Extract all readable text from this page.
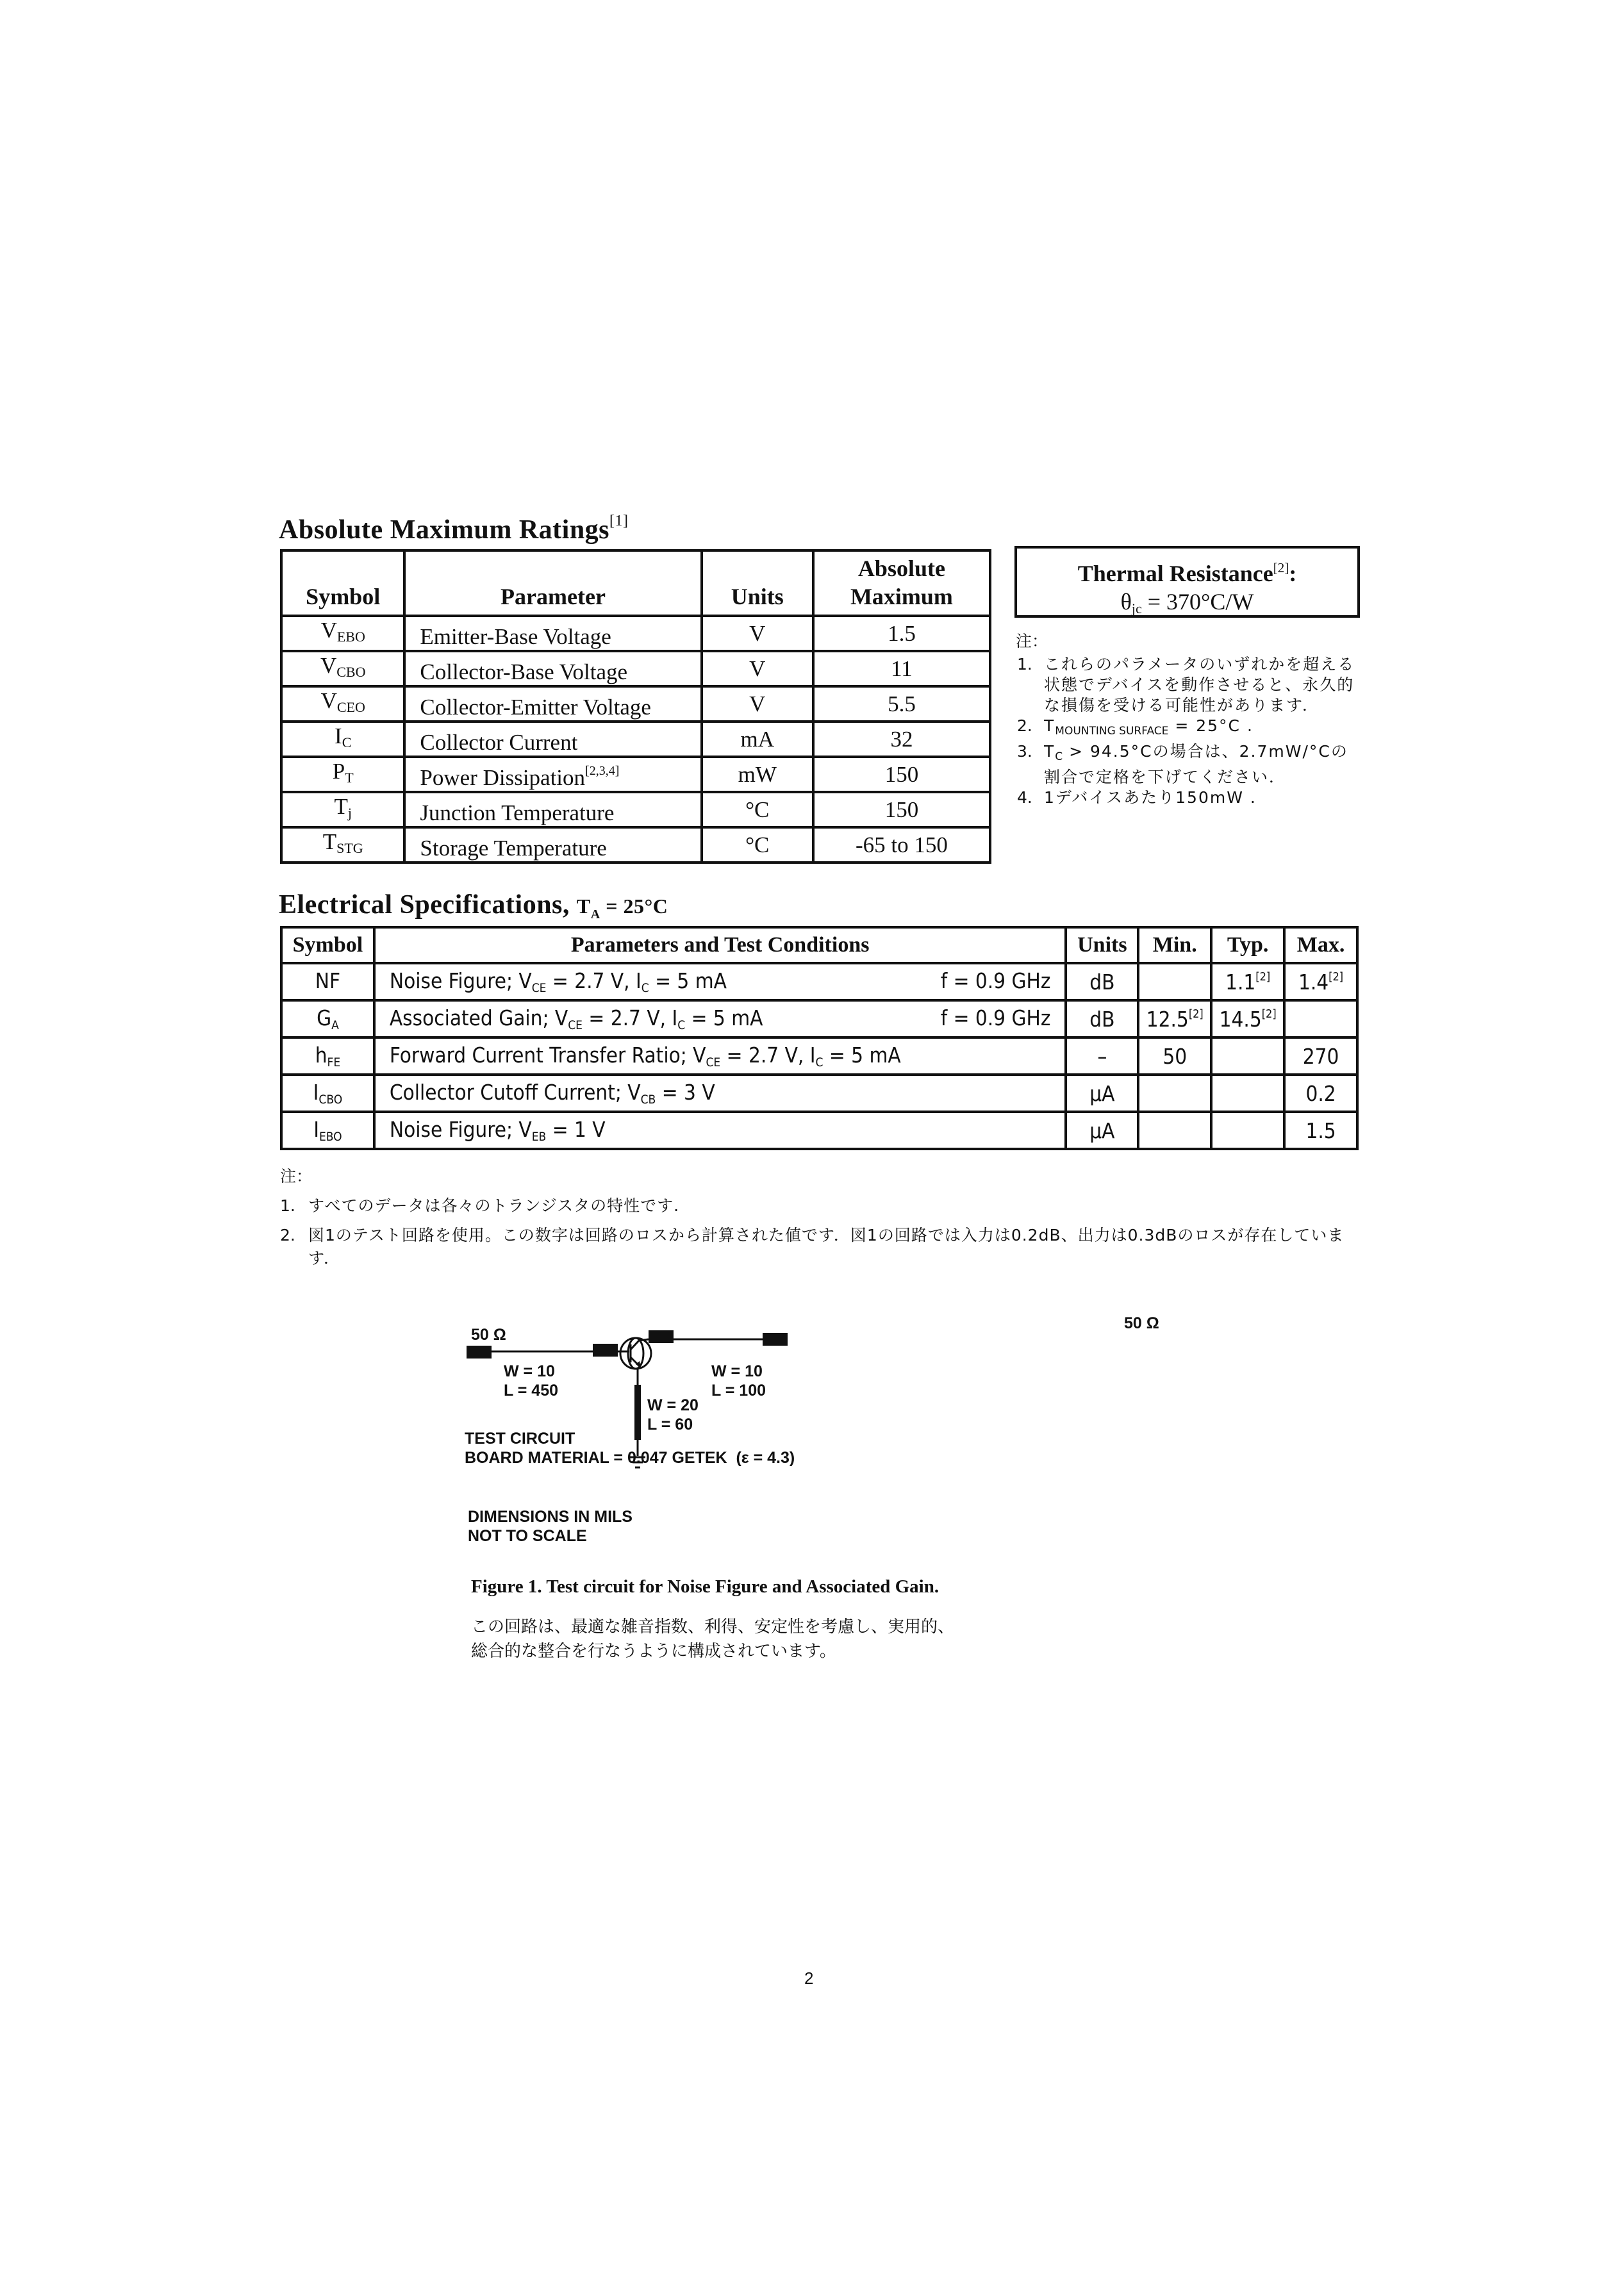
Absolute Maximum Ratings[1]
Symbol	Parameter	Units	Absolute
Maximum
$V_{EBO}$	Emitter-Base Voltage	V	1.5
$V_{CBO}$	Collector-Base Voltage	V	11
$V_{CEO}$	Collector-Emitter Voltage	V	5.5
$I_C$	Collector Current	mA	32
$P_T$	Power Dissipation[2,3,4]	mW	150
$T_j$	Junction Temperature	°C	150
$T_{STG}$	Storage Temperature	°C	-65 to 150
Thermal Resistance[2]:
$\theta_{jc} = 370^\circ C/W$
注：
1. これらのパラメータのいずれかを超える状態でデバイスを動作させると、永久的な損傷を受ける可能性があります．
2. $T_{MOUNTING SURFACE} = 25^\circ C$ .
3. $T_C > 94.5^\circ C$の場合は、2.7mW/°Cの割合で定格を下げてください．
4. 1デバイスあたり150mW .
Electrical Specifications, $T_A = 25^\circ C$
Symbol	Parameters and Test Conditions	Units	Min.	Typ.	Max.
NF	Noise Figure; $V_{CE} = 2.7$ V, $I_C = 5$ mA f = 0.9 GHz	dB		1.1[2]	1.4[2]
$G_A$	Associated Gain; $V_{CE} = 2.7$ V, $I_C = 5$ mA f = 0.9 GHz	dB	12.5[2]	14.5[2]	
$h_{FE}$	Forward Current Transfer Ratio; $V_{CE} = 2.7$ V, $I_C = 5$ mA	–	50		270
$I_{CBO}$	Collector Cutoff Current; $V_{CB} = 3$ V	µA			0.2
$I_{EBO}$	Noise Figure; $V_{EB} = 1$ V	µA			1.5
注：
1. すべてのデータは各々のトランジスタの特性です.
2. 図1のテスト回路を使用。この数字は回路のロスから計算された値です．図1の回路では入力は0.2dB、出力は0.3dBのロスが存在しています．
50 Ω
50 Ω
W = 10
L = 450
W = 10
L = 100
W = 20
L = 60
TEST CIRCUIT
BOARD MATERIAL = 0.047 GETEK  (ε = 4.3)
DIMENSIONS IN MILS
NOT TO SCALE
Figure 1. Test circuit for Noise Figure and Associated Gain.
この回路は、最適な雑音指数、利得、安定性を考慮し、実用的、
総合的な整合を行なうように構成されています。
2
